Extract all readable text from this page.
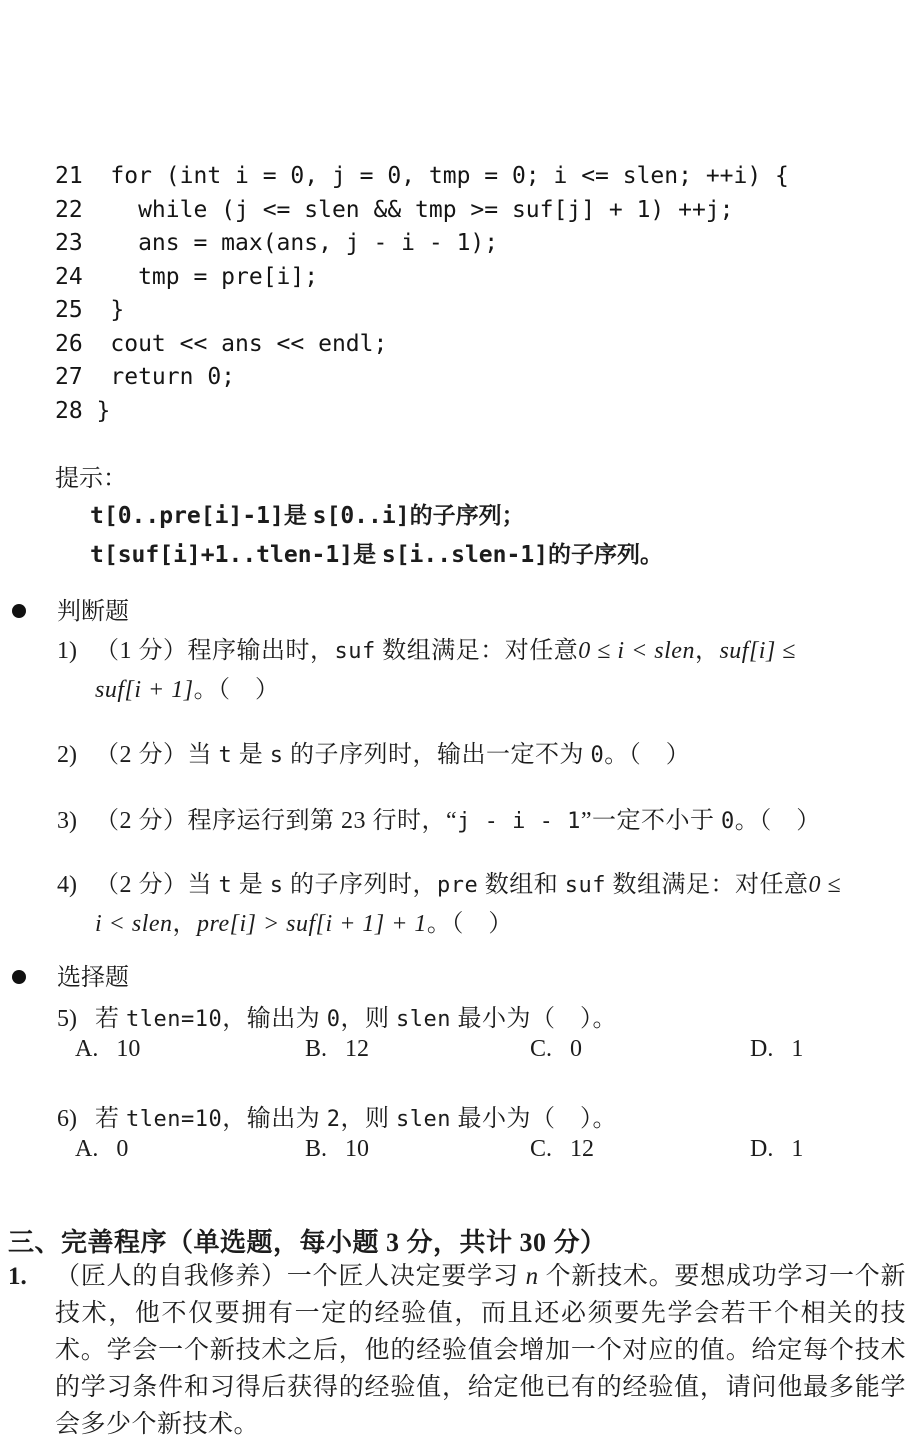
21  for (int i = 0, j = 0, tmp = 0; i <= slen; ++i) {
22    while (j <= slen && tmp >= suf[j] + 1) ++j;
23    ans = max(ans, j - i - 1);
24    tmp = pre[i];
25  }
26  cout << ans << endl;
27  return 0;
28 }
提示：
t[0..pre[i]-1]是 s[0..i]的子序列；
t[suf[i]+1..tlen-1]是 s[i..slen-1]的子序列。
判断题
1) （1 分）程序输出时，suf 数组满足：对任意0 ≤ i < slen，suf[i] ≤
suf[i + 1]。（　）
2) （2 分）当 t 是 s 的子序列时，输出一定不为 0。（　）
3) （2 分）程序运行到第 23 行时，“j - i - 1”一定不小于 0。（　）
4) （2 分）当 t 是 s 的子序列时，pre 数组和 suf 数组满足：对任意0 ≤
i < slen，pre[i] > suf[i + 1] + 1。（　）
选择题
5) 若 tlen=10，输出为 0，则 slen 最小为（　）。
A. 10	B. 12	C. 0	D. 1
6) 若 tlen=10，输出为 2，则 slen 最小为（　）。
A. 0	B. 10	C. 12	D. 1
三、完善程序（单选题，每小题 3 分，共计 30 分）
1. （匠人的自我修养）一个匠人决定要学习 n 个新技术。要想成功学习一个新技术，他不仅要拥有一定的经验值，而且还必须要先学会若干个相关的技术。学会一个新技术之后，他的经验值会增加一个对应的值。给定每个技术的学习条件和习得后获得的经验值，给定他已有的经验值，请问他最多能学会多少个新技术。
